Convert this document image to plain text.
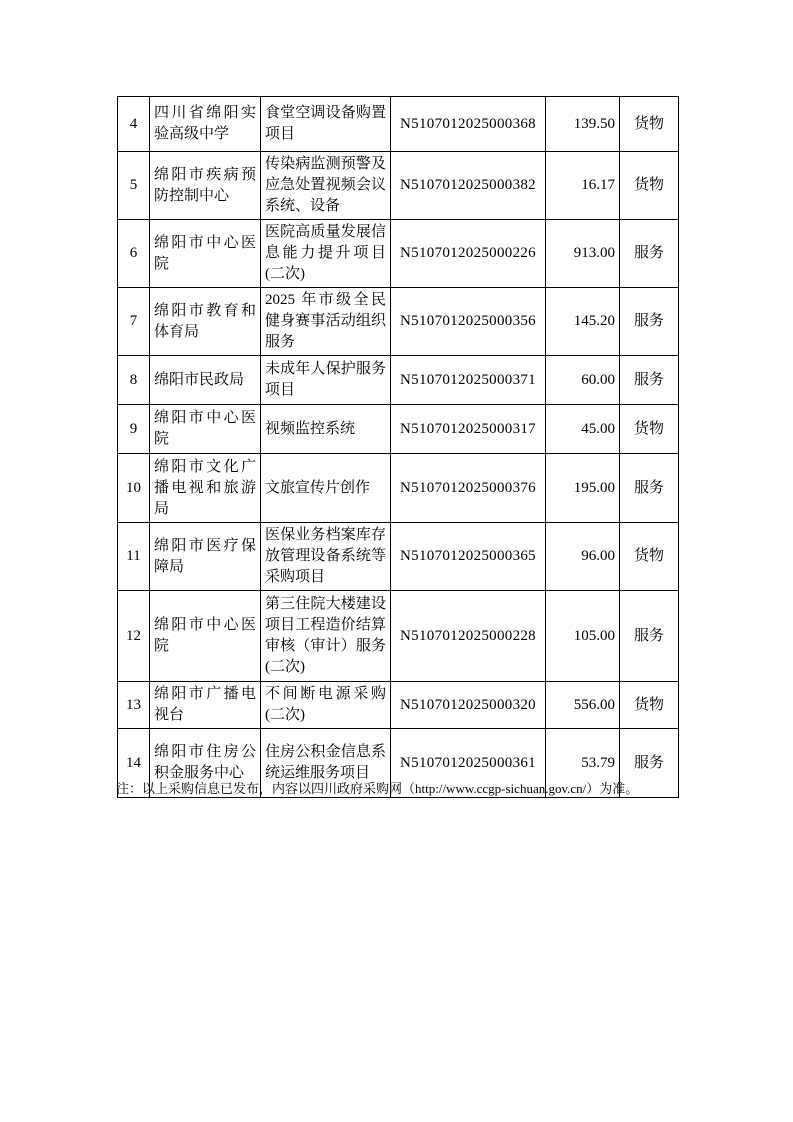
4	四川省绵阳实验高级中学	食堂空调设备购置项目	N5107012025000368	139.50	货物
5	绵阳市疾病预防控制中心	传染病监测预警及应急处置视频会议系统、设备	N5107012025000382	16.17	货物
6	绵阳市中心医院	医院高质量发展信息能力提升项目(二次)	N5107012025000226	913.00	服务
7	绵阳市教育和体育局	2025 年市级全民健身赛事活动组织服务	N5107012025000356	145.20	服务
8	绵阳市民政局	未成年人保护服务项目	N5107012025000371	60.00	服务
9	绵阳市中心医院	视频监控系统	N5107012025000317	45.00	货物
10	绵阳市文化广播电视和旅游局	文旅宣传片创作	N5107012025000376	195.00	服务
11	绵阳市医疗保障局	医保业务档案库存放管理设备系统等采购项目	N5107012025000365	96.00	货物
12	绵阳市中心医院	第三住院大楼建设项目工程造价结算审核（审计）服务(二次)	N5107012025000228	105.00	服务
13	绵阳市广播电视台	不间断电源采购(二次)	N5107012025000320	556.00	货物
14	绵阳市住房公积金服务中心	住房公积金信息系统运维服务项目	N5107012025000361	53.79	服务
注：以上采购信息已发布，内容以四川政府采购网（http://www.ccgp-sichuan.gov.cn/）为准。
